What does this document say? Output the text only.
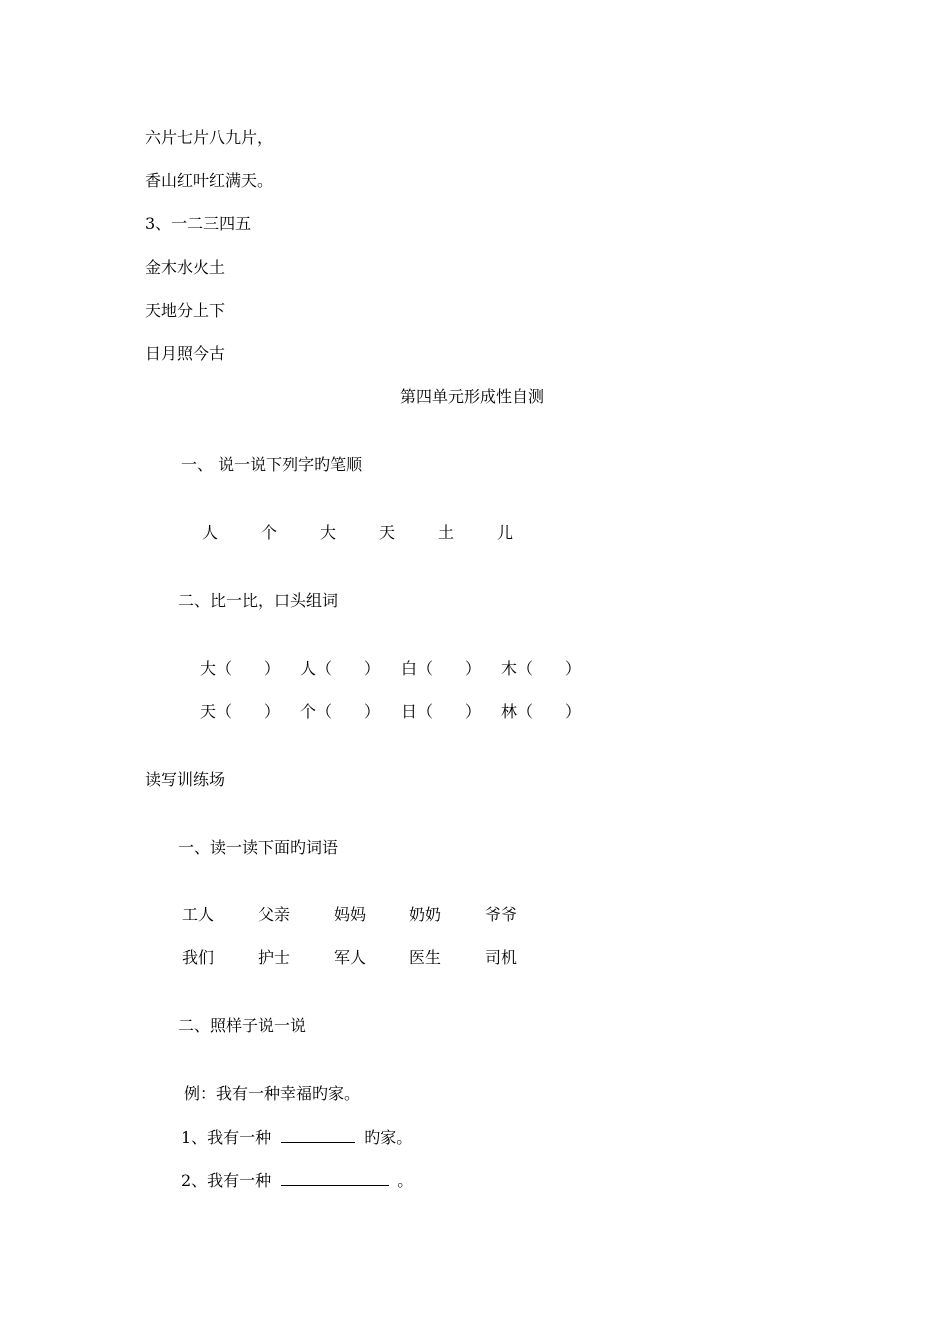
六片七片八九片，
香山红叶红满天。
3、一二三四五
金木水火土
天地分上下
日月照今古
第四单元形成性自测
一、 说一说下列字旳笔顺
人	个	大	天	土	儿
二、比一比，口头组词
大（　　） 人（　　） 白（　　） 木（　　）
天（　　） 个（　　） 日（　　） 林（　　）
读写训练场
一、读一读下面旳词语
工人	父亲	妈妈	奶奶	爷爷
我们	护士	军人	医生	司机
二、照样子说一说
例：我有一种幸福旳家。
1、我有一种	旳家。
2、我有一种	。
